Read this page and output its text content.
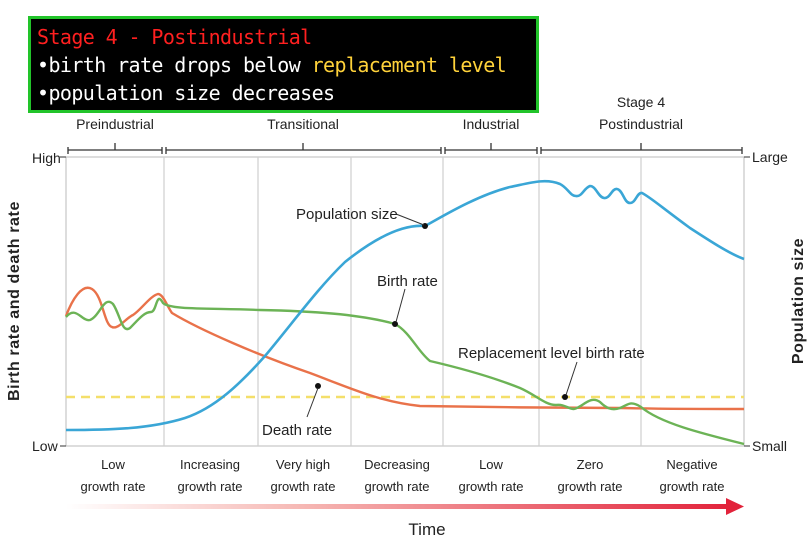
Preindustrial	Transitional	Industrial
Stage 4
Postindustrial
High
Low
Large
Small
Birth rate and death rate	Population size
Population size
Birth rate
Replacement level birth rate
Death rate
Low
growth rate
Increasing
growth rate
Very high
growth rate
Decreasing
growth rate
Low
growth rate
Zero
growth rate
Negative
growth rate
Time
Stage 4 - Postindustrial
•birth rate drops below replacement level
•population size decreases
